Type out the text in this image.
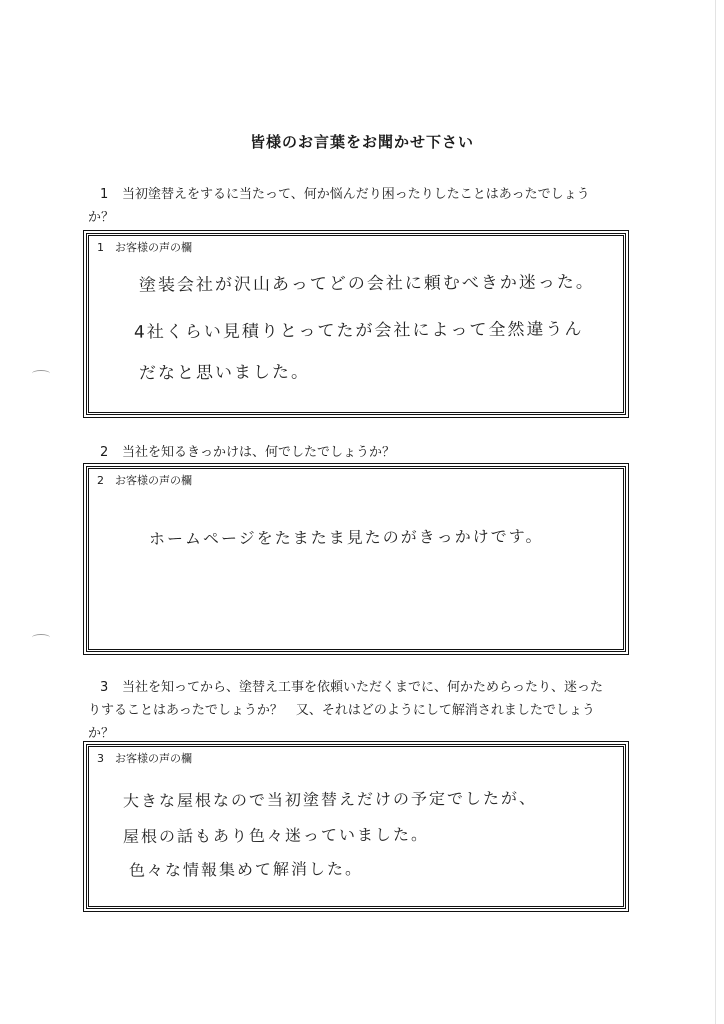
皆様のお言葉をお聞かせ下さい
1 当初塗替えをするに当たって、何か悩んだり困ったりしたことはあったでしょう
か？
1　お客様の声の欄
塗装会社が沢山あってどの会社に頼むべきか迷った。
4社くらい見積りとってたが会社によって全然違うん
だなと思いました。
2 当社を知るきっかけは、何でしたでしょうか？
2　お客様の声の欄
ホームページをたまたま見たのがきっかけです。
3 当社を知ってから、塗替え工事を依頼いただくまでに、何かためらったり、迷った
りすることはあったでしょうか？　又、それはどのようにして解消されましたでしょう
か？
3　お客様の声の欄
大きな屋根なので当初塗替えだけの予定でしたが、
屋根の話もあり色々迷っていました。
色々な情報集めて解消した。
